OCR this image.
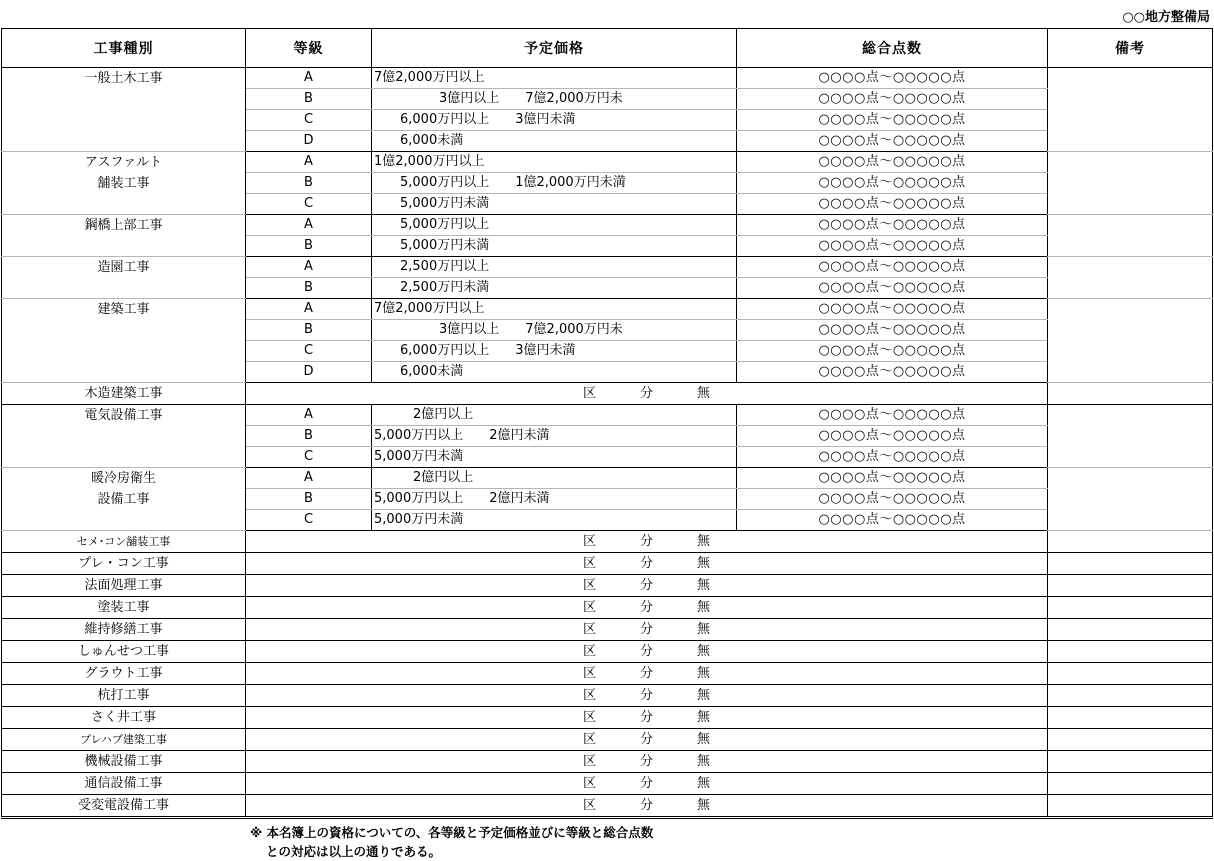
○○地方整備局
工事種別	等級	予定価格	総合点数	備考

一般土木工事	A	7億2,000万円以上	○○○○点～○○○○○点	
	B	　　　　　3億円以上　　7億2,000万円未	○○○○点～○○○○○点	
	C	　　6,000万円以上　　3億円未満	○○○○点～○○○○○点	
	D	　　6,000未満	○○○○点～○○○○○点	

アスファルト
舗装工事	A	1億2,000万円以上	○○○○点～○○○○○点	
	B	　　5,000万円以上　　1億2,000万円未満	○○○○点～○○○○○点	
	C	　　5,000万円未満	○○○○点～○○○○○点	

鋼橋上部工事	A	　　5,000万円以上	○○○○点～○○○○○点	
	B	　　5,000万円未満	○○○○点～○○○○○点	

造園工事	A	　　2,500万円以上	○○○○点～○○○○○点	
	B	　　2,500万円未満	○○○○点～○○○○○点	

建築工事	A	7億2,000万円以上	○○○○点～○○○○○点	
	B	　　　　　3億円以上　　7億2,000万円未	○○○○点～○○○○○点	
	C	　　6,000万円以上　　3億円未満	○○○○点～○○○○○点	
	D	　　6,000未満	○○○○点～○○○○○点	

木造建築工事	区 分 無			

電気設備工事	A	　　　2億円以上	○○○○点～○○○○○点	
	B	5,000万円以上　　2億円未満	○○○○点～○○○○○点	
	C	5,000万円未満	○○○○点～○○○○○点	

暖冷房衛生
設備工事	A	　　　2億円以上	○○○○点～○○○○○点	
	B	5,000万円以上　　2億円未満	○○○○点～○○○○○点	
	C	5,000万円未満	○○○○点～○○○○○点	

セメ･コン舗装工事	区 分 無			

プレ・コン工事	区 分 無			

法面処理工事	区 分 無			

塗装工事	区 分 無			

維持修繕工事	区 分 無			

しゅんせつ工事	区 分 無			

グラウト工事	区 分 無			

杭打工事	区 分 無			

さく井工事	区 分 無			

プレハブ建築工事	区 分 無			

機械設備工事	区 分 無			

通信設備工事	区 分 無			

受変電設備工事	区 分 無			
※ 本名簿上の資格についての、各等級と予定価格並びに等級と総合点数
との対応は以上の通りである。
